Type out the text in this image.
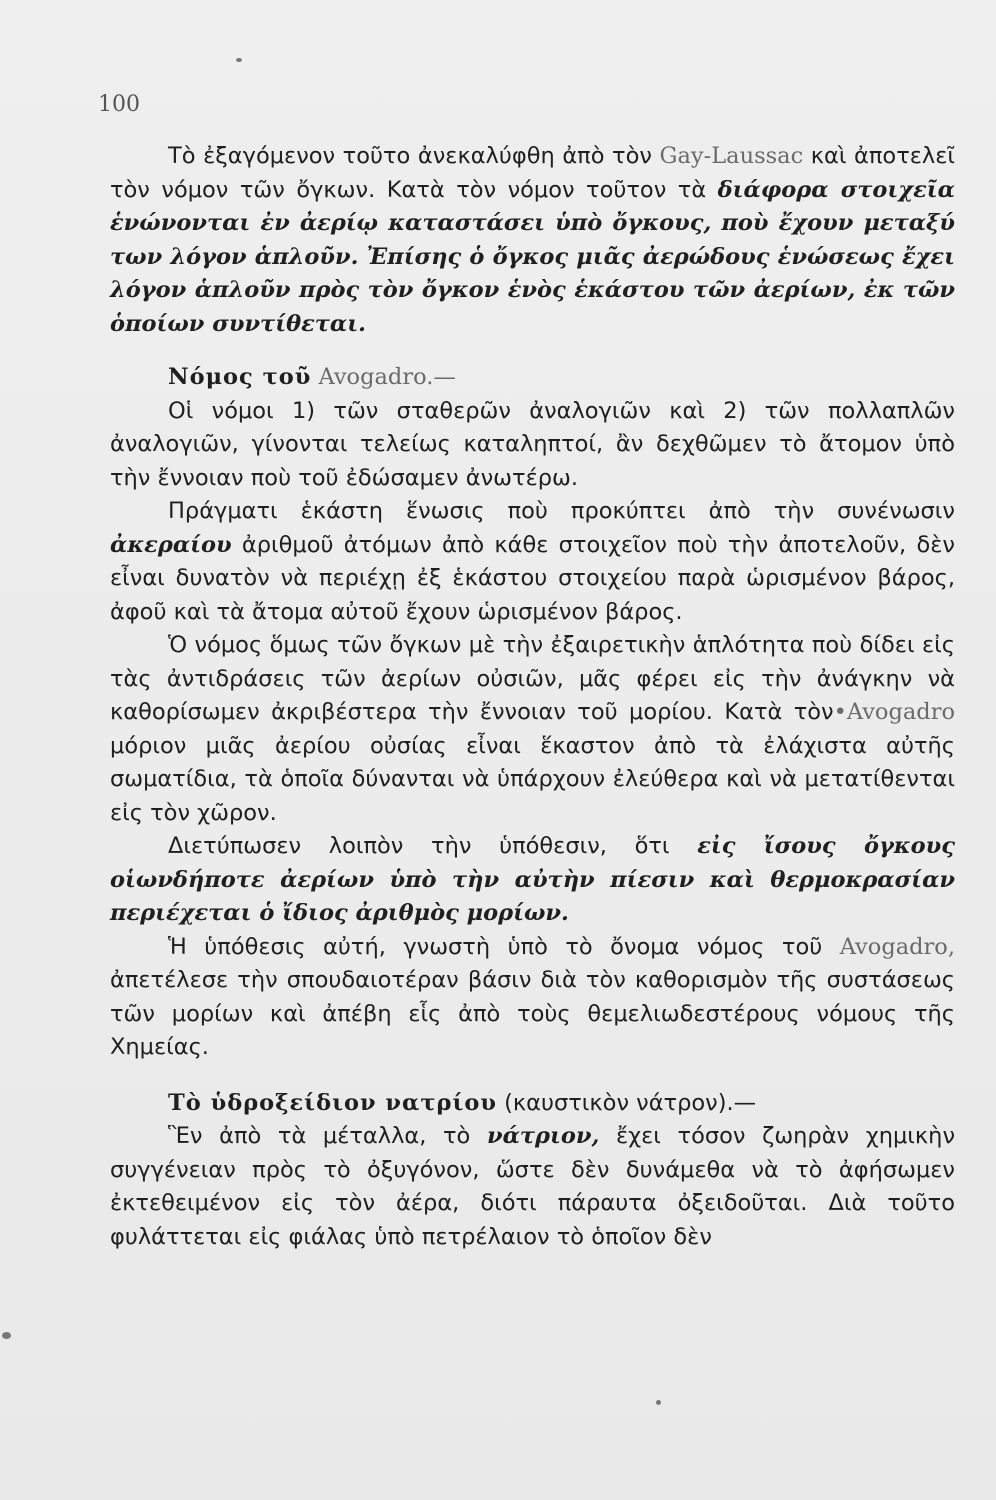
100

Τὸ ἐξαγόμενον τοῦτο ἀνεκαλύφθη ἀπὸ τὸν Gay-Laussac καὶ ἀποτελεῖ τὸν νόμον τῶν ὄγκων. Κατὰ τὸν νόμον τοῦτον τὰ διάφορα στοιχεῖα ἑνώνονται ἐν ἀερίῳ καταστάσει ὑπὸ ὄγκους, ποὺ ἔχουν μεταξύ των λόγον ἁπλοῦν. Ἐπίσης ὁ ὄγκος μιᾶς ἀερώδους ἑνώσεως ἔχει λόγον ἁπλοῦν πρὸς τὸν ὄγκον ἑνὸς ἑκάστου τῶν ἀερίων, ἐκ τῶν ὁποίων συντίθεται.

Νόμος τοῦ Avogadro.—

Οἱ νόμοι 1) τῶν σταθερῶν ἀναλογιῶν καὶ 2) τῶν πολλαπλῶν ἀναλογιῶν, γίνονται τελείως καταληπτοί, ἂν δεχθῶμεν τὸ ἄτομον ὑπὸ τὴν ἔννοιαν ποὺ τοῦ ἐδώσαμεν ἀνωτέρω.

Πράγματι ἑκάστη ἕνωσις ποὺ προκύπτει ἀπὸ τὴν συνένωσιν ἀκεραίου ἀριθμοῦ ἀτόμων ἀπὸ κάθε στοιχεῖον ποὺ τὴν ἀποτελοῦν, δὲν εἶναι δυνατὸν νὰ περιέχῃ ἐξ ἑκάστου στοιχείου παρὰ ὡρισμένον βάρος, ἀφοῦ καὶ τὰ ἄτομα αὐτοῦ ἔχουν ὡρισμένον βάρος.

Ὁ νόμος ὅμως τῶν ὄγκων μὲ τὴν ἐξαιρετικὴν ἁπλότητα ποὺ δίδει εἰς τὰς ἀντιδράσεις τῶν ἀερίων οὐσιῶν, μᾶς φέρει εἰς τὴν ἀνάγκην νὰ καθορίσωμεν ἀκριβέστερα τὴν ἔννοιαν τοῦ μορίου. Κατὰ τὸν•Avogadro μόριον μιᾶς ἀερίου οὐσίας εἶναι ἕκαστον ἀπὸ τὰ ἐλάχιστα αὐτῆς σωματίδια, τὰ ὁποῖα δύνανται νὰ ὑπάρχουν ἐλεύθερα καὶ νὰ μετατίθενται εἰς τὸν χῶρον.

Διετύπωσεν λοιπὸν τὴν ὑπόθεσιν, ὅτι εἰς ἴσους ὄγκους οἱωνδήποτε ἀερίων ὑπὸ τὴν αὐτὴν πίεσιν καὶ θερμοκρασίαν περιέχεται ὁ ἴδιος ἀριθμὸς μορίων.

Ἡ ὑπόθεσις αὐτή, γνωστὴ ὑπὸ τὸ ὄνομα νόμος τοῦ Avogadro, ἀπετέλεσε τὴν σπουδαιοτέραν βάσιν διὰ τὸν καθορισμὸν τῆς συστάσεως τῶν μορίων καὶ ἀπέβη εἷς ἀπὸ τοὺς θεμελιωδεστέρους νόμους τῆς Χημείας.

Τὸ ὑδροξείδιον νατρίου (καυστικὸν νάτρον).—

Ἓν ἀπὸ τὰ μέταλλα, τὸ νάτριον, ἔχει τόσον ζωηρὰν χημικὴν συγγένειαν πρὸς τὸ ὀξυγόνον, ὥστε δὲν δυνάμεθα νὰ τὸ ἀφήσωμεν ἐκτεθειμένον εἰς τὸν ἀέρα, διότι πάραυτα ὀξειδοῦται. Διὰ τοῦτο φυλάττεται εἰς φιάλας ὑπὸ πετρέλαιον τὸ ὁποῖον δὲν
